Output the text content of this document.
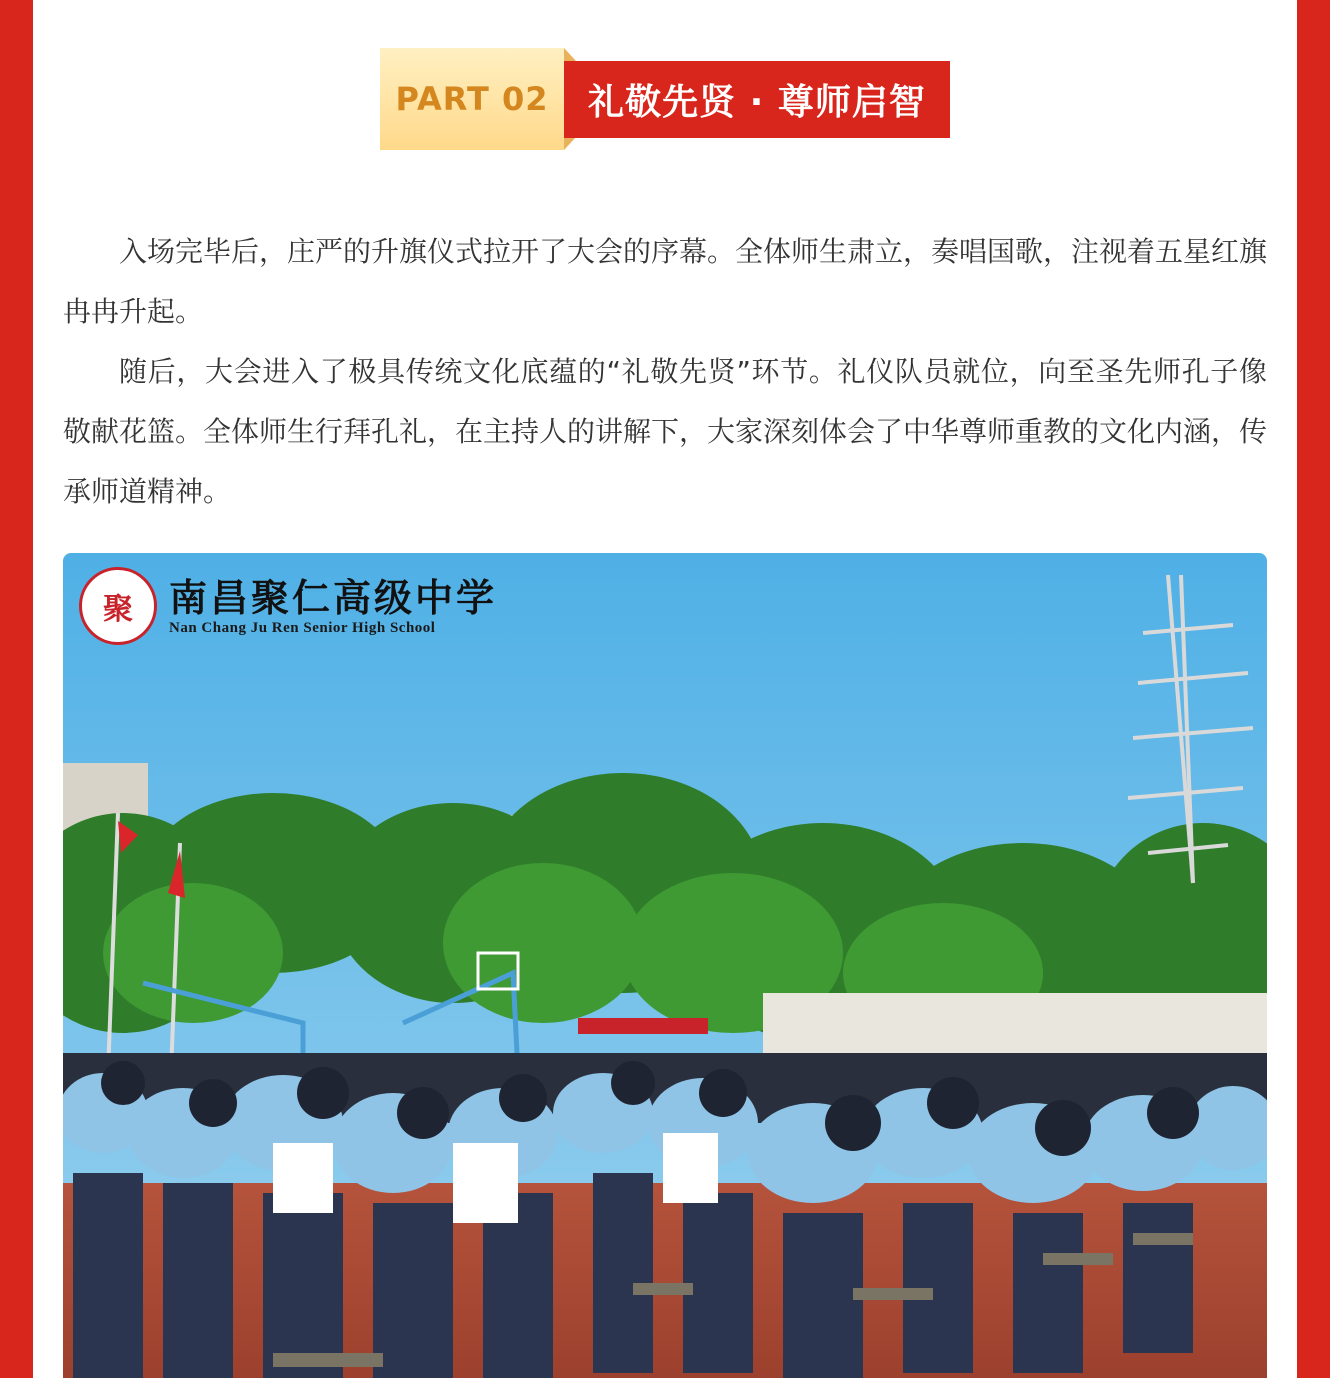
PART 02 礼敬先贤 · 尊师启智

入场完毕后，庄严的升旗仪式拉开了大会的序幕。全体师生肃立，奏唱国歌，注视着五星红旗冉冉升起。

随后，大会进入了极具传统文化底蕴的“礼敬先贤”环节。礼仪队员就位，向至圣先师孔子像敬献花篮。全体师生行拜孔礼，在主持人的讲解下，大家深刻体会了中华尊师重教的文化内涵，传承师道精神。

聚 南昌聚仁高级中学
Nan Chang Ju Ren Senior High School
